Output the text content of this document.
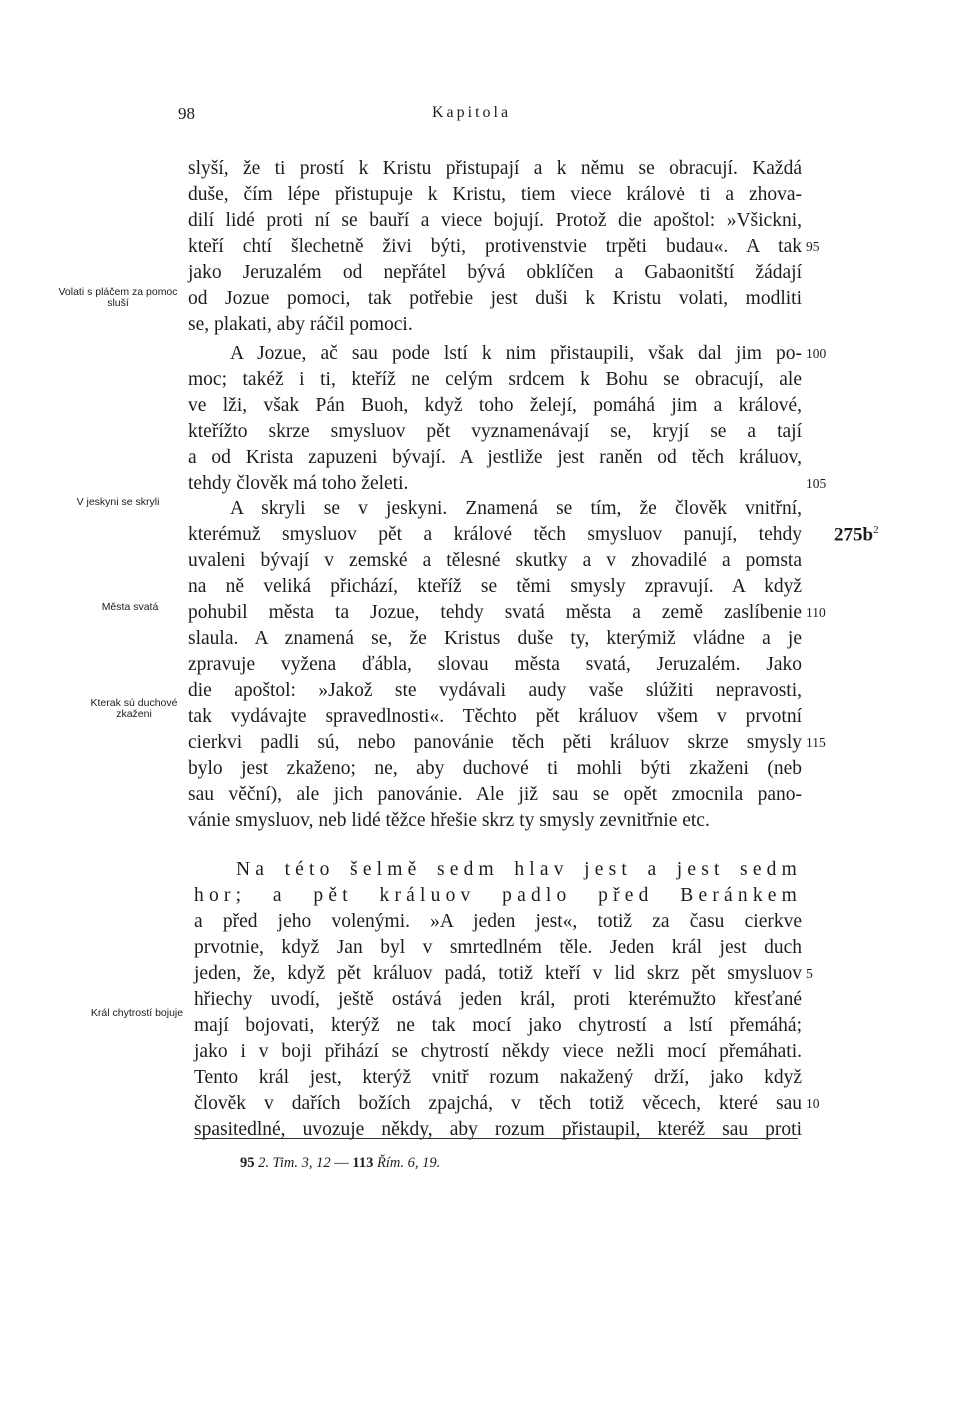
98	Kapitola
slyší, že ti prostí k Kristu přistupají a k němu se obracují. Každá
duše, čím lépe přistupuje k Kristu, tiem viece královė ti a zhova-
dilí lidé proti ní se bauří a viece bojují. Protož die apoštol: »Všickni,
kteří chtí šlechetně živi býti, protivenstvie trpěti budau«. A tak
jako Jeruzalém od nepřátel bývá obklíčen a Gabaonitští žádají
od Jozue pomoci, tak potřebie jest duši k Kristu volati, modliti
se, plakati, aby ráčil pomoci.
A Jozue, ač sau pode lstí k nim přistaupili, však dal jim po-
moc; takéž i ti, kteříž ne celým srdcem k Bohu se obracují, ale
ve lži, však Pán Buoh, když toho želejí, pomáhá jim a králové,
kteřížto skrze smysluov pět vyznamenávají se, kryjí se a tají
a od Krista zapuzeni bývají. A jestliže jest raněn od těch králuov,
tehdy člověk má toho želeti.
A skryli se v jeskyni. Znamená se tím, že člověk vnitřní,
kterémuž smysluov pět a králové těch smysluov panují, tehdy
uvaleni bývají v zemské a tělesné skutky a v zhovadilé a pomsta
na ně veliká přichází, kteříž se těmi smysly zpravují. A když
pohubil města ta Jozue, tehdy svatá města a země zaslíbenie
slaula. A znamená se, že Kristus duše ty, kterýmiž vládne a je
zpravuje vyžena ďábla, slovau města svatá, Jeruzalém. Jako
die apoštol: »Jakož ste vydávali audy vaše slúžiti nepravosti,
tak vydávajte spravedlnosti«. Těchto pět králuov všem v prvotní
cierkvi padli sú, nebo panovánie těch pěti králuov skrze smysly
bylo jest zkaženo; ne, aby duchové ti mohli býti zkaženi (neb
sau věční), ale jich panovánie. Ale již sau se opět zmocnila pano-
vánie smysluov, neb lidé těžce hřešie skrz ty smysly zevnitřnie etc.
Na této šelmě sedm hlav jest a jest sedm
hor; a pět králuov padlo před Beránkem
a před jeho volenými. »A jeden jest«, totiž za času cierkve
prvotnie, když Jan byl v smrtedlném těle. Jeden král jest duch
jeden, že, když pět králuov padá, totiž kteří v lid skrz pět smysluov
hřiechy uvodí, ještě ostává jeden král, proti kterémužto křesťané
mají bojovati, kterýž ne tak mocí jako chytrostí a lstí přemáhá;
jako i v boji přihází se chytrostí někdy viece nežli mocí přemáhati.
Tento král jest, kterýž vnitř rozum nakažený drží, jako když
člověk v dařích božích zpajchá, v těch totiž věcech, které sau
spasitedlné, uvozuje někdy, aby rozum přistaupil, kteréž sau proti
Volati s pláčem za pomoc sluší
V jeskyni se skryli
Města svatá
Kterak sú duchové zkaženi
Král chytrostí bojuje
95
100
105
110
115
5
10
$275b^2$
95 2. Tim. 3, 12 — 113 Řím. 6, 19.
